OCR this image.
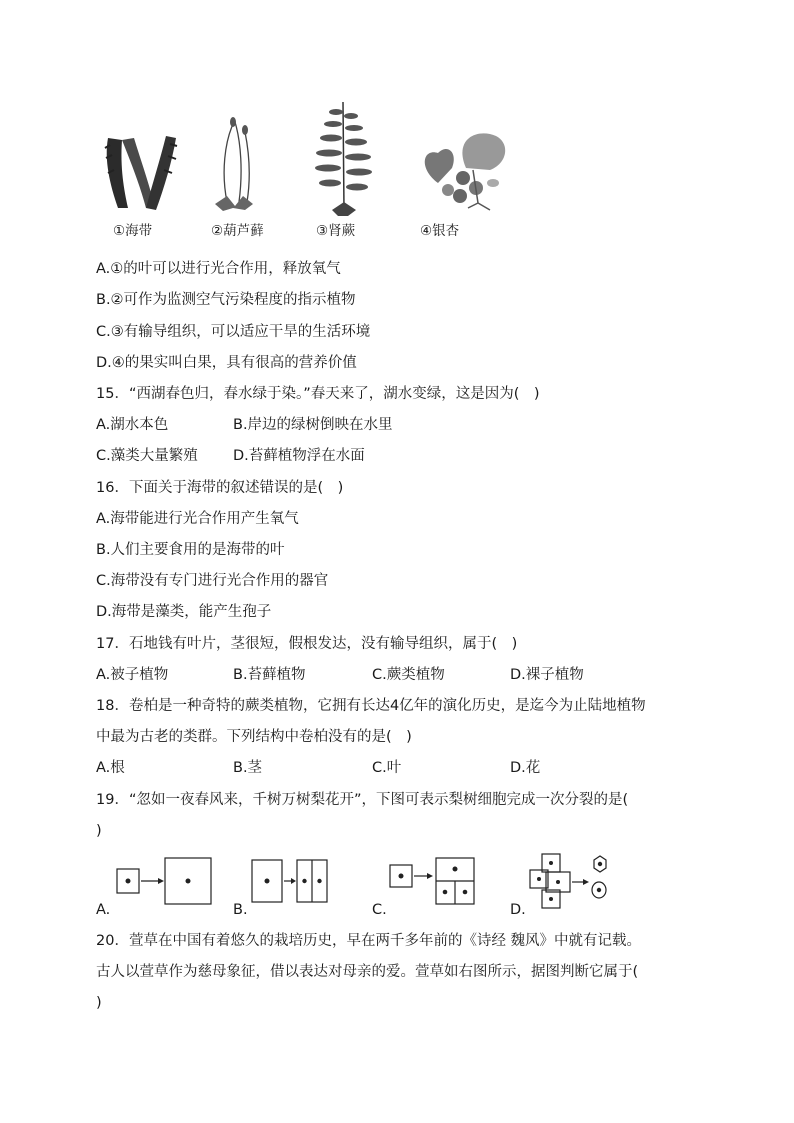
①海带	②葫芦藓	③肾蕨	④银杏
A.①的叶可以进行光合作用，释放氧气
B.②可作为监测空气污染程度的指示植物
C.③有输导组织，可以适应干旱的生活环境
D.④的果实叫白果，具有很高的营养价值
15．“西湖春色归，春水绿于染。”春天来了，湖水变绿，这是因为(　)
A.湖水本色	B.岸边的绿树倒映在水里
C.藻类大量繁殖 D.苔藓植物浮在水面
16．下面关于海带的叙述错误的是(　)
A.海带能进行光合作用产生氧气
B.人们主要食用的是海带的叶
C.海带没有专门进行光合作用的器官
D.海带是藻类，能产生孢子
17．石地钱有叶片，茎很短，假根发达，没有输导组织，属于(　)
A.被子植物	B.苔藓植物	C.蕨类植物	D.裸子植物
18．卷柏是一种奇特的蕨类植物，它拥有长达4亿年的演化历史，是迄今为止陆地植物
中最为古老的类群。下列结构中卷柏没有的是(　)
A.根	B.茎	C.叶	D.花
19．“忽如一夜春风来，千树万树梨花开”，下图可表示梨树细胞完成一次分裂的是(
)
A.	B.	C.	D.
20．萱草在中国有着悠久的栽培历史，早在两千多年前的《诗经 魏风》中就有记载。
古人以萱草作为慈母象征，借以表达对母亲的爱。萱草如右图所示，据图判断它属于(
)
